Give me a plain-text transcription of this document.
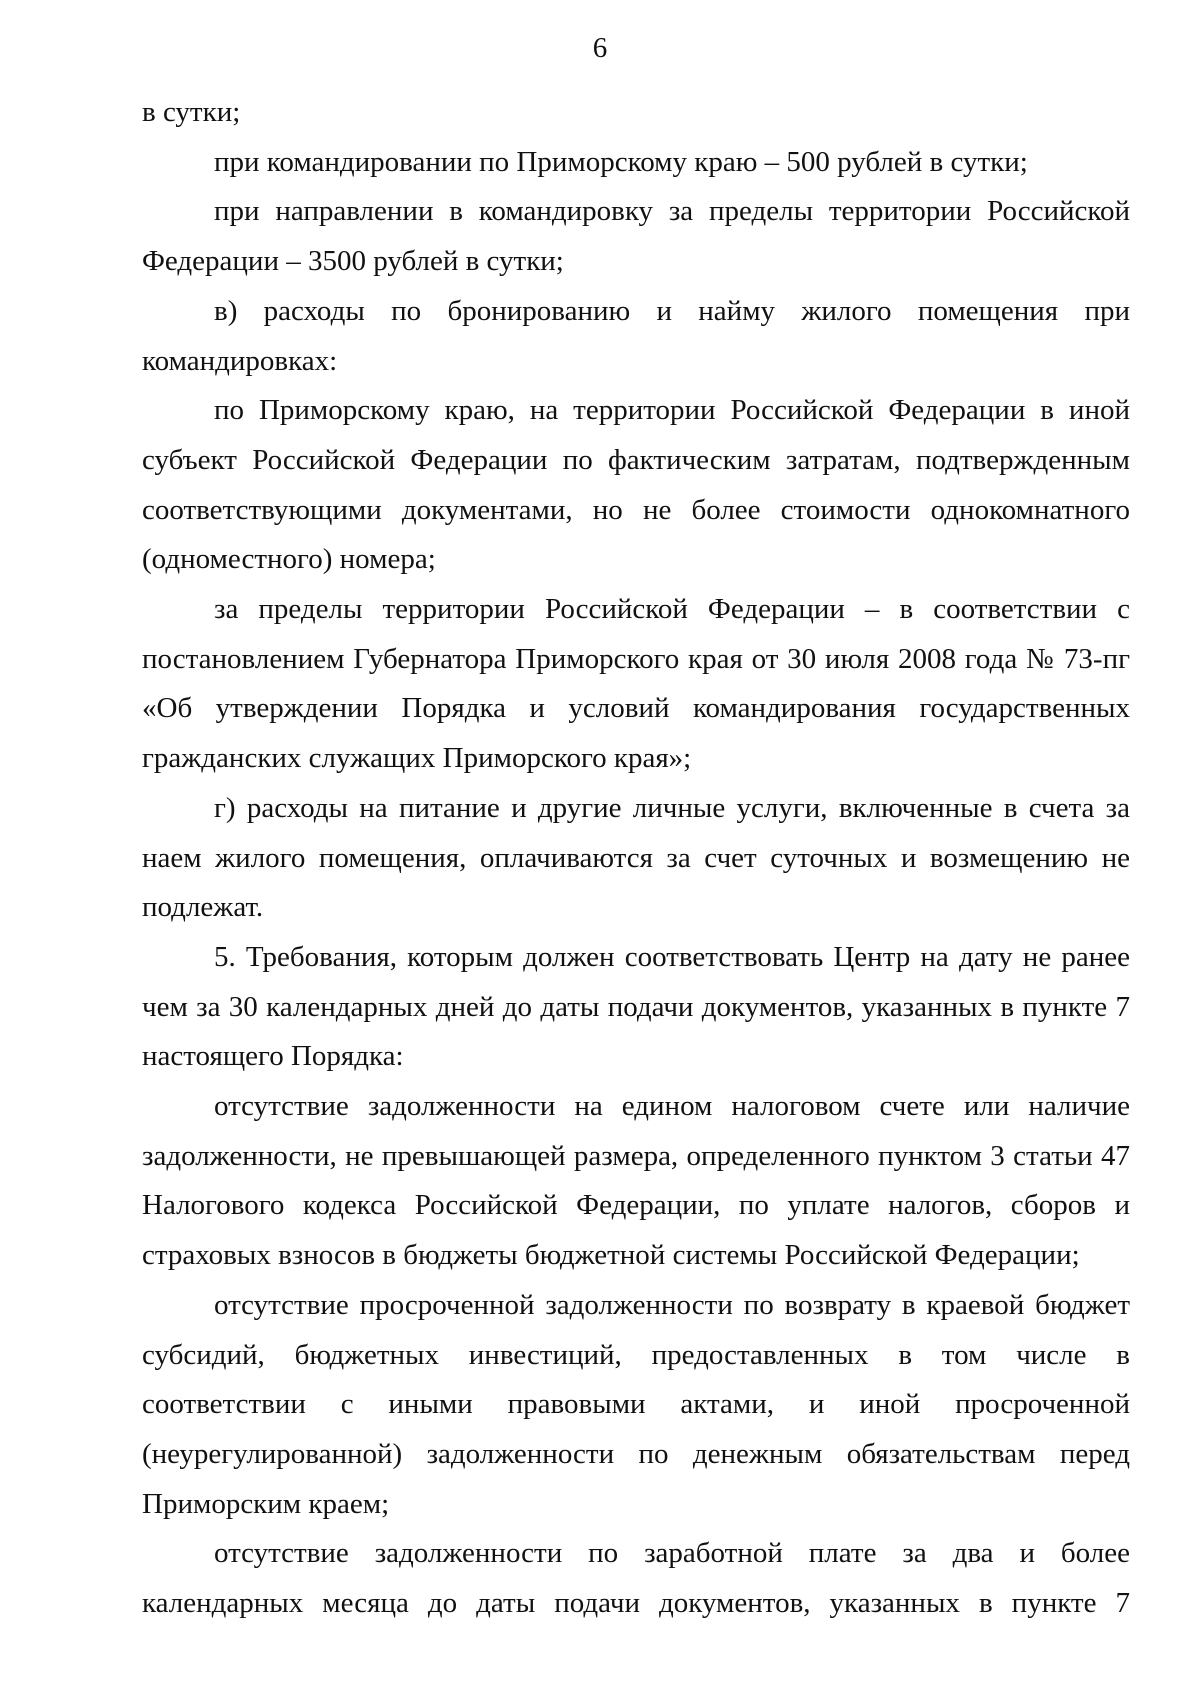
6

в сутки;

при командировании по Приморскому краю – 500 рублей в сутки;

при направлении в командировку за пределы территории Российской Федерации – 3500 рублей в сутки;

в) расходы по бронированию и найму жилого помещения при командировках:

по Приморскому краю, на территории Российской Федерации в иной субъект Российской Федерации по фактическим затратам, подтвержденным соответствующими документами, но не более стоимости однокомнатного (одноместного) номера;

за пределы территории Российской Федерации – в соответствии с постановлением Губернатора Приморского края от 30 июля 2008 года № 73-пг «Об утверждении Порядка и условий командирования государственных гражданских служащих Приморского края»;

г) расходы на питание и другие личные услуги, включенные в счета за наем жилого помещения, оплачиваются за счет суточных и возмещению не подлежат.

5. Требования, которым должен соответствовать Центр на дату не ранее чем за 30 календарных дней до даты подачи документов, указанных в пункте 7 настоящего Порядка:

отсутствие задолженности на едином налоговом счете или наличие задолженности, не превышающей размера, определенного пунктом 3 статьи 47 Налогового кодекса Российской Федерации, по уплате налогов, сборов и страховых взносов в бюджеты бюджетной системы Российской Федерации;

отсутствие просроченной задолженности по возврату в краевой бюджет субсидий, бюджетных инвестиций, предоставленных в том числе в соответствии с иными правовыми актами, и иной просроченной (неурегулированной) задолженности по денежным обязательствам перед Приморским краем;

отсутствие задолженности по заработной плате за два и более календарных месяца до даты подачи документов, указанных в пункте 7
